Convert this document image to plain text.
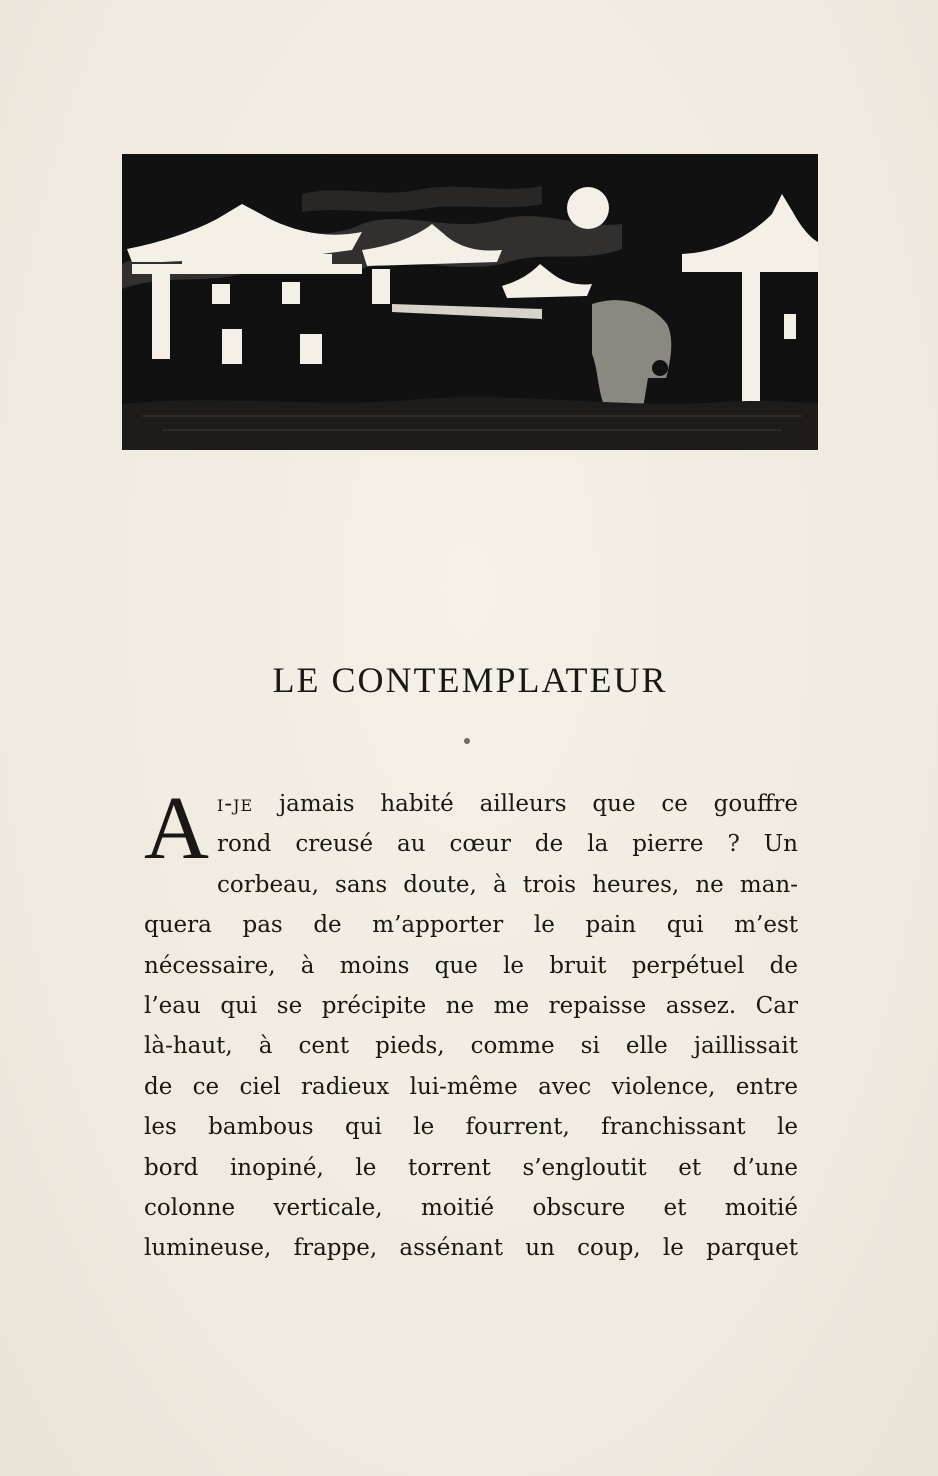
LE CONTEMPLATEUR

A i-je jamais habité ailleurs que ce gouffre
rond creusé au cœur de la pierre ? Un
corbeau, sans doute, à trois heures, ne man-
quera pas de m’apporter le pain qui m’est
nécessaire, à moins que le bruit perpétuel de
l’eau qui se précipite ne me repaisse assez. Car
là-haut, à cent pieds, comme si elle jaillissait
de ce ciel radieux lui-même avec violence, entre
les bambous qui le fourrent, franchissant le
bord inopiné, le torrent s’engloutit et d’une
colonne verticale, moitié obscure et moitié
lumineuse, frappe, assénant un coup, le parquet
